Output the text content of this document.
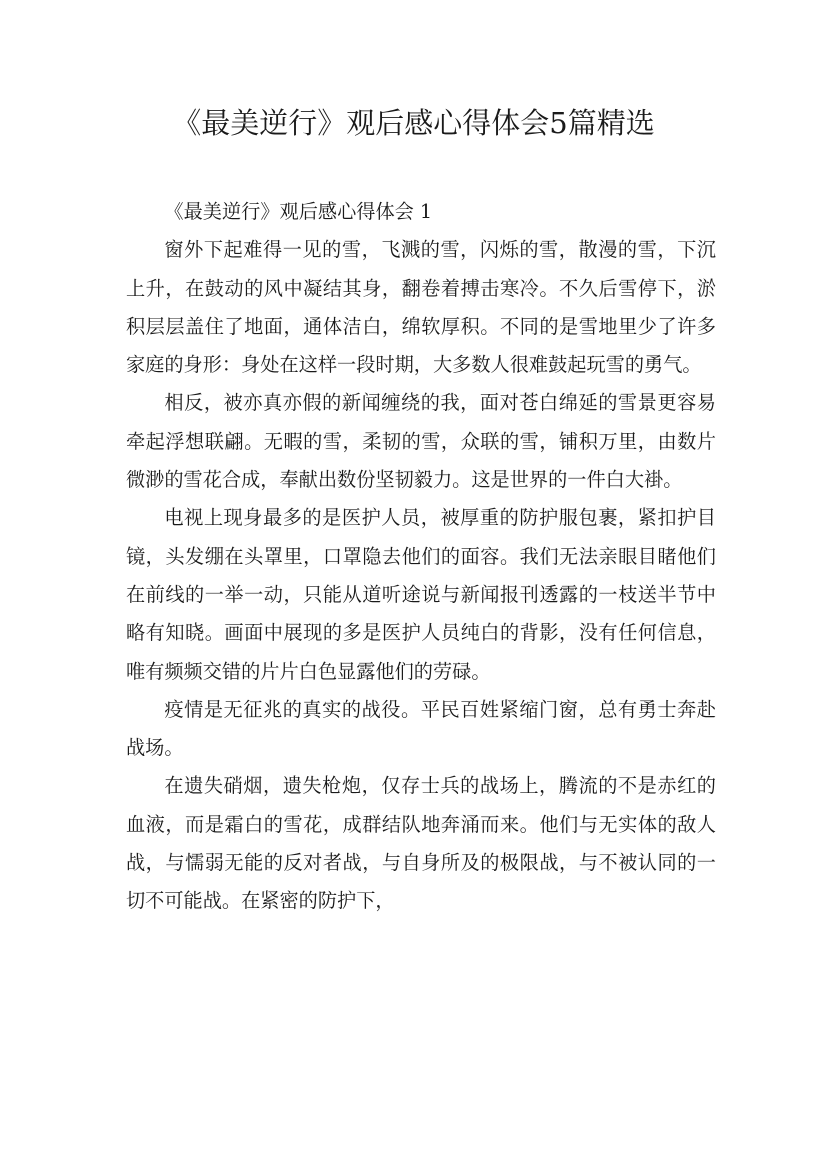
《最美逆行》观后感心得体会5篇精选

《最美逆行》观后感心得体会 1

窗外下起难得一见的雪，飞溅的雪，闪烁的雪，散漫的雪，下沉上升，在鼓动的风中凝结其身，翻卷着搏击寒冷。不久后雪停下，淤积层层盖住了地面，通体洁白，绵软厚积。不同的是雪地里少了许多家庭的身形：身处在这样一段时期，大多数人很难鼓起玩雪的勇气。

相反，被亦真亦假的新闻缠绕的我，面对苍白绵延的雪景更容易牵起浮想联翩。无暇的雪，柔韧的雪，众联的雪，铺积万里，由数片微渺的雪花合成，奉献出数份坚韧毅力。这是世界的一件白大褂。

电视上现身最多的是医护人员，被厚重的防护服包裹，紧扣护目镜，头发绷在头罩里，口罩隐去他们的面容。我们无法亲眼目睹他们在前线的一举一动，只能从道听途说与新闻报刊透露的一枝送半节中略有知晓。画面中展现的多是医护人员纯白的背影，没有任何信息，唯有频频交错的片片白色显露他们的劳碌。

疫情是无征兆的真实的战役。平民百姓紧缩门窗，总有勇士奔赴战场。

在遗失硝烟，遗失枪炮，仅存士兵的战场上，腾流的不是赤红的血液，而是霜白的雪花，成群结队地奔涌而来。他们与无实体的敌人战，与懦弱无能的反对者战，与自身所及的极限战，与不被认同的一切不可能战。在紧密的防护下，
